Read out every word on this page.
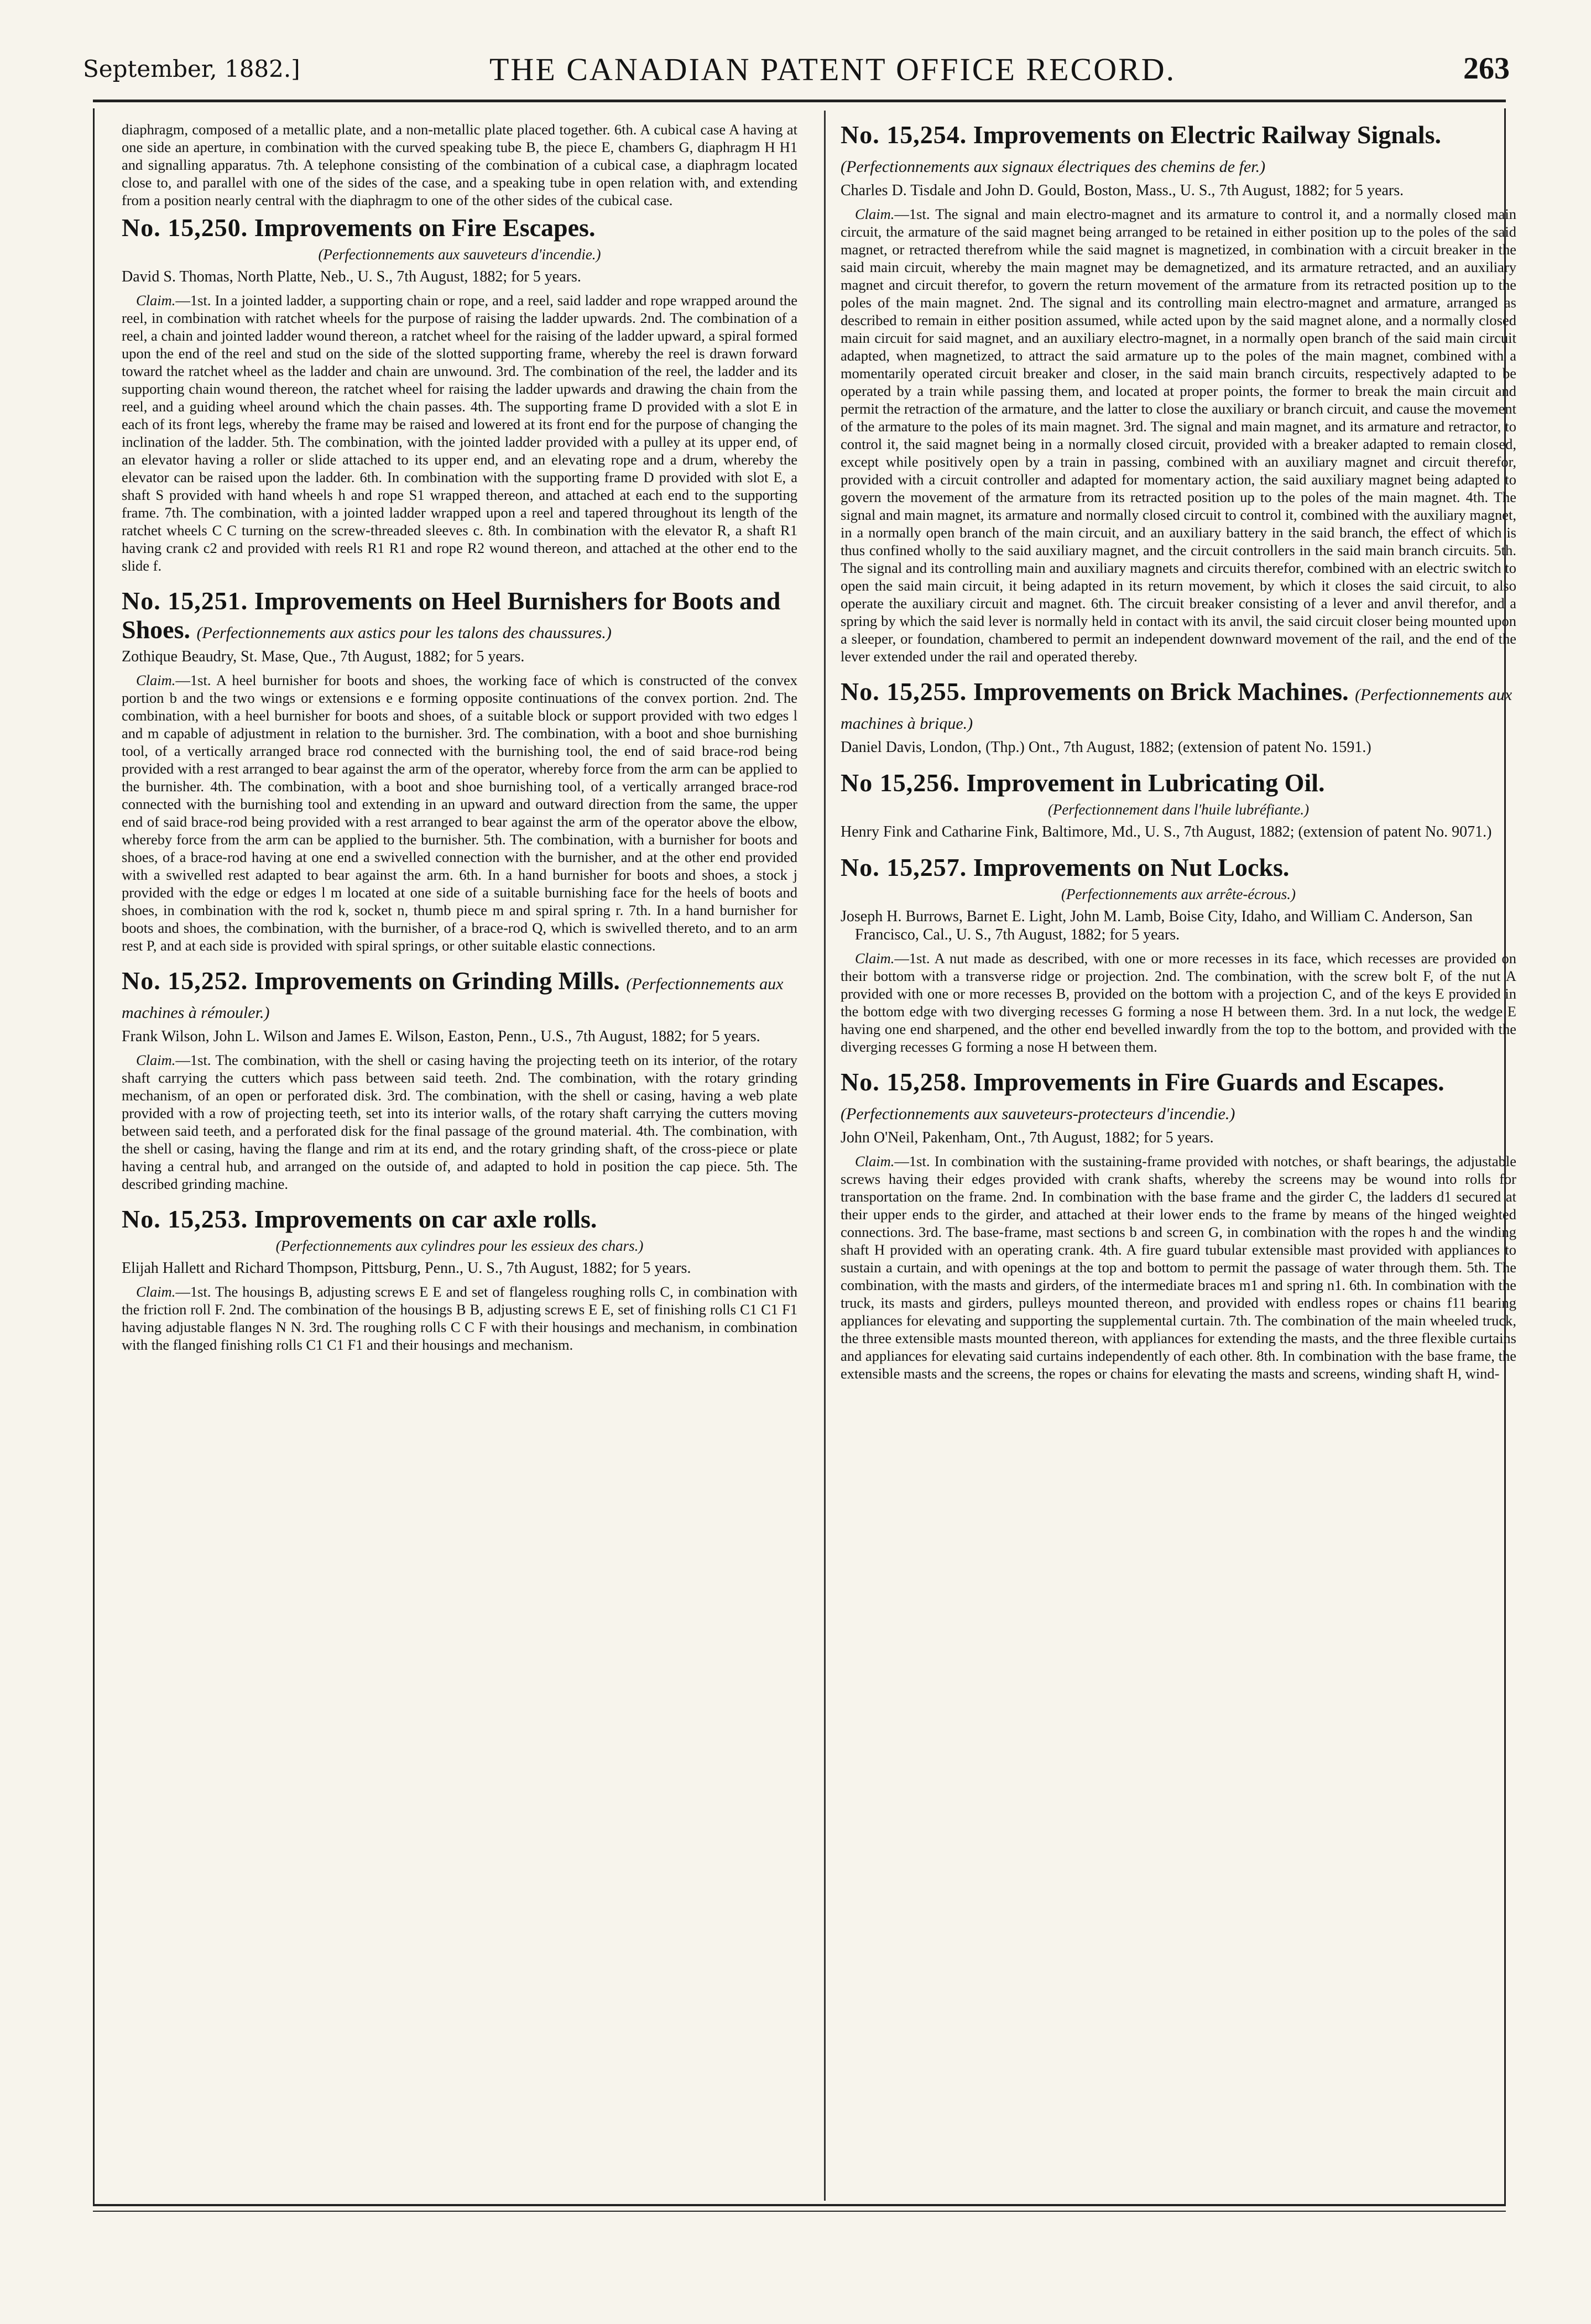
September, 1882.]	THE CANADIAN PATENT OFFICE RECORD.	263

diaphragm, composed of a metallic plate, and a non-metallic plate placed together. 6th. A cubical case A having at one side an aperture, in combination with the curved speaking tube B, the piece E, chambers G, diaphragm H H1 and signalling apparatus. 7th. A telephone consisting of the combination of a cubical case, a diaphragm located close to, and parallel with one of the sides of the case, and a speaking tube in open relation with, and extending from a position nearly central with the diaphragm to one of the other sides of the cubical case.

No. 15,250. Improvements on Fire Escapes.
(Perfectionnements aux sauveteurs d'incendie.)

David S. Thomas, North Platte, Neb., U. S., 7th August, 1882; for 5 years.

Claim.—1st. In a jointed ladder, a supporting chain or rope, and a reel, said ladder and rope wrapped around the reel, in combination with ratchet wheels for the purpose of raising the ladder upwards. 2nd. The combination of a reel, a chain and jointed ladder wound thereon, a ratchet wheel for the raising of the ladder upward, a spiral formed upon the end of the reel and stud on the side of the slotted supporting frame, whereby the reel is drawn forward toward the ratchet wheel as the ladder and chain are unwound. 3rd. The combination of the reel, the ladder and its supporting chain wound thereon, the ratchet wheel for raising the ladder upwards and drawing the chain from the reel, and a guiding wheel around which the chain passes. 4th. The supporting frame D provided with a slot E in each of its front legs, whereby the frame may be raised and lowered at its front end for the purpose of changing the inclination of the ladder. 5th. The combination, with the jointed ladder provided with a pulley at its upper end, of an elevator having a roller or slide attached to its upper end, and an elevating rope and a drum, whereby the elevator can be raised upon the ladder. 6th. In combination with the supporting frame D provided with slot E, a shaft S provided with hand wheels h and rope S1 wrapped thereon, and attached at each end to the supporting frame. 7th. The combination, with a jointed ladder wrapped upon a reel and tapered throughout its length of the ratchet wheels C C turning on the screw-threaded sleeves c. 8th. In combination with the elevator R, a shaft R1 having crank c2 and provided with reels R1 R1 and rope R2 wound thereon, and attached at the other end to the slide f.

No. 15,251. Improvements on Heel Burnishers for Boots and Shoes. (Perfectionnements aux astics pour les talons des chaussures.)

Zothique Beaudry, St. Mase, Que., 7th August, 1882; for 5 years.

Claim.—1st. A heel burnisher for boots and shoes, the working face of which is constructed of the convex portion b and the two wings or extensions e e forming opposite continuations of the convex portion. 2nd. The combination, with a heel burnisher for boots and shoes, of a suitable block or support provided with two edges l and m capable of adjustment in relation to the burnisher. 3rd. The combination, with a boot and shoe burnishing tool, of a vertically arranged brace rod connected with the burnishing tool, the end of said brace-rod being provided with a rest arranged to bear against the arm of the operator, whereby force from the arm can be applied to the burnisher. 4th. The combination, with a boot and shoe burnishing tool, of a vertically arranged brace-rod connected with the burnishing tool and extending in an upward and outward direction from the same, the upper end of said brace-rod being provided with a rest arranged to bear against the arm of the operator above the elbow, whereby force from the arm can be applied to the burnisher. 5th. The combination, with a burnisher for boots and shoes, of a brace-rod having at one end a swivelled connection with the burnisher, and at the other end provided with a swivelled rest adapted to bear against the arm. 6th. In a hand burnisher for boots and shoes, a stock j provided with the edge or edges l m located at one side of a suitable burnishing face for the heels of boots and shoes, in combination with the rod k, socket n, thumb piece m and spiral spring r. 7th. In a hand burnisher for boots and shoes, the combination, with the burnisher, of a brace-rod Q, which is swivelled thereto, and to an arm rest P, and at each side is provided with spiral springs, or other suitable elastic connections.

No. 15,252. Improvements on Grinding Mills. (Perfectionnements aux machines à rémouler.)

Frank Wilson, John L. Wilson and James E. Wilson, Easton, Penn., U.S., 7th August, 1882; for 5 years.

Claim.—1st. The combination, with the shell or casing having the projecting teeth on its interior, of the rotary shaft carrying the cutters which pass between said teeth. 2nd. The combination, with the rotary grinding mechanism, of an open or perforated disk. 3rd. The combination, with the shell or casing, having a web plate provided with a row of projecting teeth, set into its interior walls, of the rotary shaft carrying the cutters moving between said teeth, and a perforated disk for the final passage of the ground material. 4th. The combination, with the shell or casing, having the flange and rim at its end, and the rotary grinding shaft, of the cross-piece or plate having a central hub, and arranged on the outside of, and adapted to hold in position the cap piece. 5th. The described grinding machine.

No. 15,253. Improvements on car axle rolls.
(Perfectionnements aux cylindres pour les essieux des chars.)

Elijah Hallett and Richard Thompson, Pittsburg, Penn., U. S., 7th August, 1882; for 5 years.

Claim.—1st. The housings B, adjusting screws E E and set of flangeless roughing rolls C, in combination with the friction roll F. 2nd. The combination of the housings B B, adjusting screws E E, set of finishing rolls C1 C1 F1 having adjustable flanges N N. 3rd. The roughing rolls C C F with their housings and mechanism, in combination with the flanged finishing rolls C1 C1 F1 and their housings and mechanism.

No. 15,254. Improvements on Electric Railway Signals. (Perfectionnements aux signaux électriques des chemins de fer.)

Charles D. Tisdale and John D. Gould, Boston, Mass., U. S., 7th August, 1882; for 5 years.

Claim.—1st. The signal and main electro-magnet and its armature to control it, and a normally closed main circuit, the armature of the said magnet being arranged to be retained in either position up to the poles of the said magnet, or retracted therefrom while the said magnet is magnetized, in combination with a circuit breaker in the said main circuit, whereby the main magnet may be demagnetized, and its armature retracted, and an auxiliary magnet and circuit therefor, to govern the return movement of the armature from its retracted position up to the poles of the main magnet. 2nd. The signal and its controlling main electro-magnet and armature, arranged as described to remain in either position assumed, while acted upon by the said magnet alone, and a normally closed main circuit for said magnet, and an auxiliary electro-magnet, in a normally open branch of the said main circuit adapted, when magnetized, to attract the said armature up to the poles of the main magnet, combined with a momentarily operated circuit breaker and closer, in the said main branch circuits, respectively adapted to be operated by a train while passing them, and located at proper points, the former to break the main circuit and permit the retraction of the armature, and the latter to close the auxiliary or branch circuit, and cause the movement of the armature to the poles of its main magnet. 3rd. The signal and main magnet, and its armature and retractor, to control it, the said magnet being in a normally closed circuit, provided with a breaker adapted to remain closed, except while positively open by a train in passing, combined with an auxiliary magnet and circuit therefor, provided with a circuit controller and adapted for momentary action, the said auxiliary magnet being adapted to govern the movement of the armature from its retracted position up to the poles of the main magnet. 4th. The signal and main magnet, its armature and normally closed circuit to control it, combined with the auxiliary magnet, in a normally open branch of the main circuit, and an auxiliary battery in the said branch, the effect of which is thus confined wholly to the said auxiliary magnet, and the circuit controllers in the said main branch circuits. 5th. The signal and its controlling main and auxiliary magnets and circuits therefor, combined with an electric switch to open the said main circuit, it being adapted in its return movement, by which it closes the said circuit, to also operate the auxiliary circuit and magnet. 6th. The circuit breaker consisting of a lever and anvil therefor, and a spring by which the said lever is normally held in contact with its anvil, the said circuit closer being mounted upon a sleeper, or foundation, chambered to permit an independent downward movement of the rail, and the end of the lever extended under the rail and operated thereby.

No. 15,255. Improvements on Brick Machines. (Perfectionnements aux machines à brique.)

Daniel Davis, London, (Thp.) Ont., 7th August, 1882; (extension of patent No. 1591.)

No 15,256. Improvement in Lubricating Oil.
(Perfectionnement dans l'huile lubréfiante.)

Henry Fink and Catharine Fink, Baltimore, Md., U. S., 7th August, 1882; (extension of patent No. 9071.)

No. 15,257. Improvements on Nut Locks.
(Perfectionnements aux arrête-écrous.)

Joseph H. Burrows, Barnet E. Light, John M. Lamb, Boise City, Idaho, and William C. Anderson, San Francisco, Cal., U. S., 7th August, 1882; for 5 years.

Claim.—1st. A nut made as described, with one or more recesses in its face, which recesses are provided on their bottom with a transverse ridge or projection. 2nd. The combination, with the screw bolt F, of the nut A provided with one or more recesses B, provided on the bottom with a projection C, and of the keys E provided in the bottom edge with two diverging recesses G forming a nose H between them. 3rd. In a nut lock, the wedge E having one end sharpened, and the other end bevelled inwardly from the top to the bottom, and provided with the diverging recesses G forming a nose H between them.

No. 15,258. Improvements in Fire Guards and Escapes. (Perfectionnements aux sauveteurs-protecteurs d'incendie.)

John O'Neil, Pakenham, Ont., 7th August, 1882; for 5 years.

Claim.—1st. In combination with the sustaining-frame provided with notches, or shaft bearings, the adjustable screws having their edges provided with crank shafts, whereby the screens may be wound into rolls for transportation on the frame. 2nd. In combination with the base frame and the girder C, the ladders d1 secured at their upper ends to the girder, and attached at their lower ends to the frame by means of the hinged weighted connections. 3rd. The base-frame, mast sections b and screen G, in combination with the ropes h and the winding shaft H provided with an operating crank. 4th. A fire guard tubular extensible mast provided with appliances to sustain a curtain, and with openings at the top and bottom to permit the passage of water through them. 5th. The combination, with the masts and girders, of the intermediate braces m1 and spring n1. 6th. In combination with the truck, its masts and girders, pulleys mounted thereon, and provided with endless ropes or chains f11 bearing appliances for elevating and supporting the supplemental curtain. 7th. The combination of the main wheeled truck, the three extensible masts mounted thereon, with appliances for extending the masts, and the three flexible curtains and appliances for elevating said curtains independently of each other. 8th. In combination with the base frame, the extensible masts and the screens, the ropes or chains for elevating the masts and screens, winding shaft H, wind-
